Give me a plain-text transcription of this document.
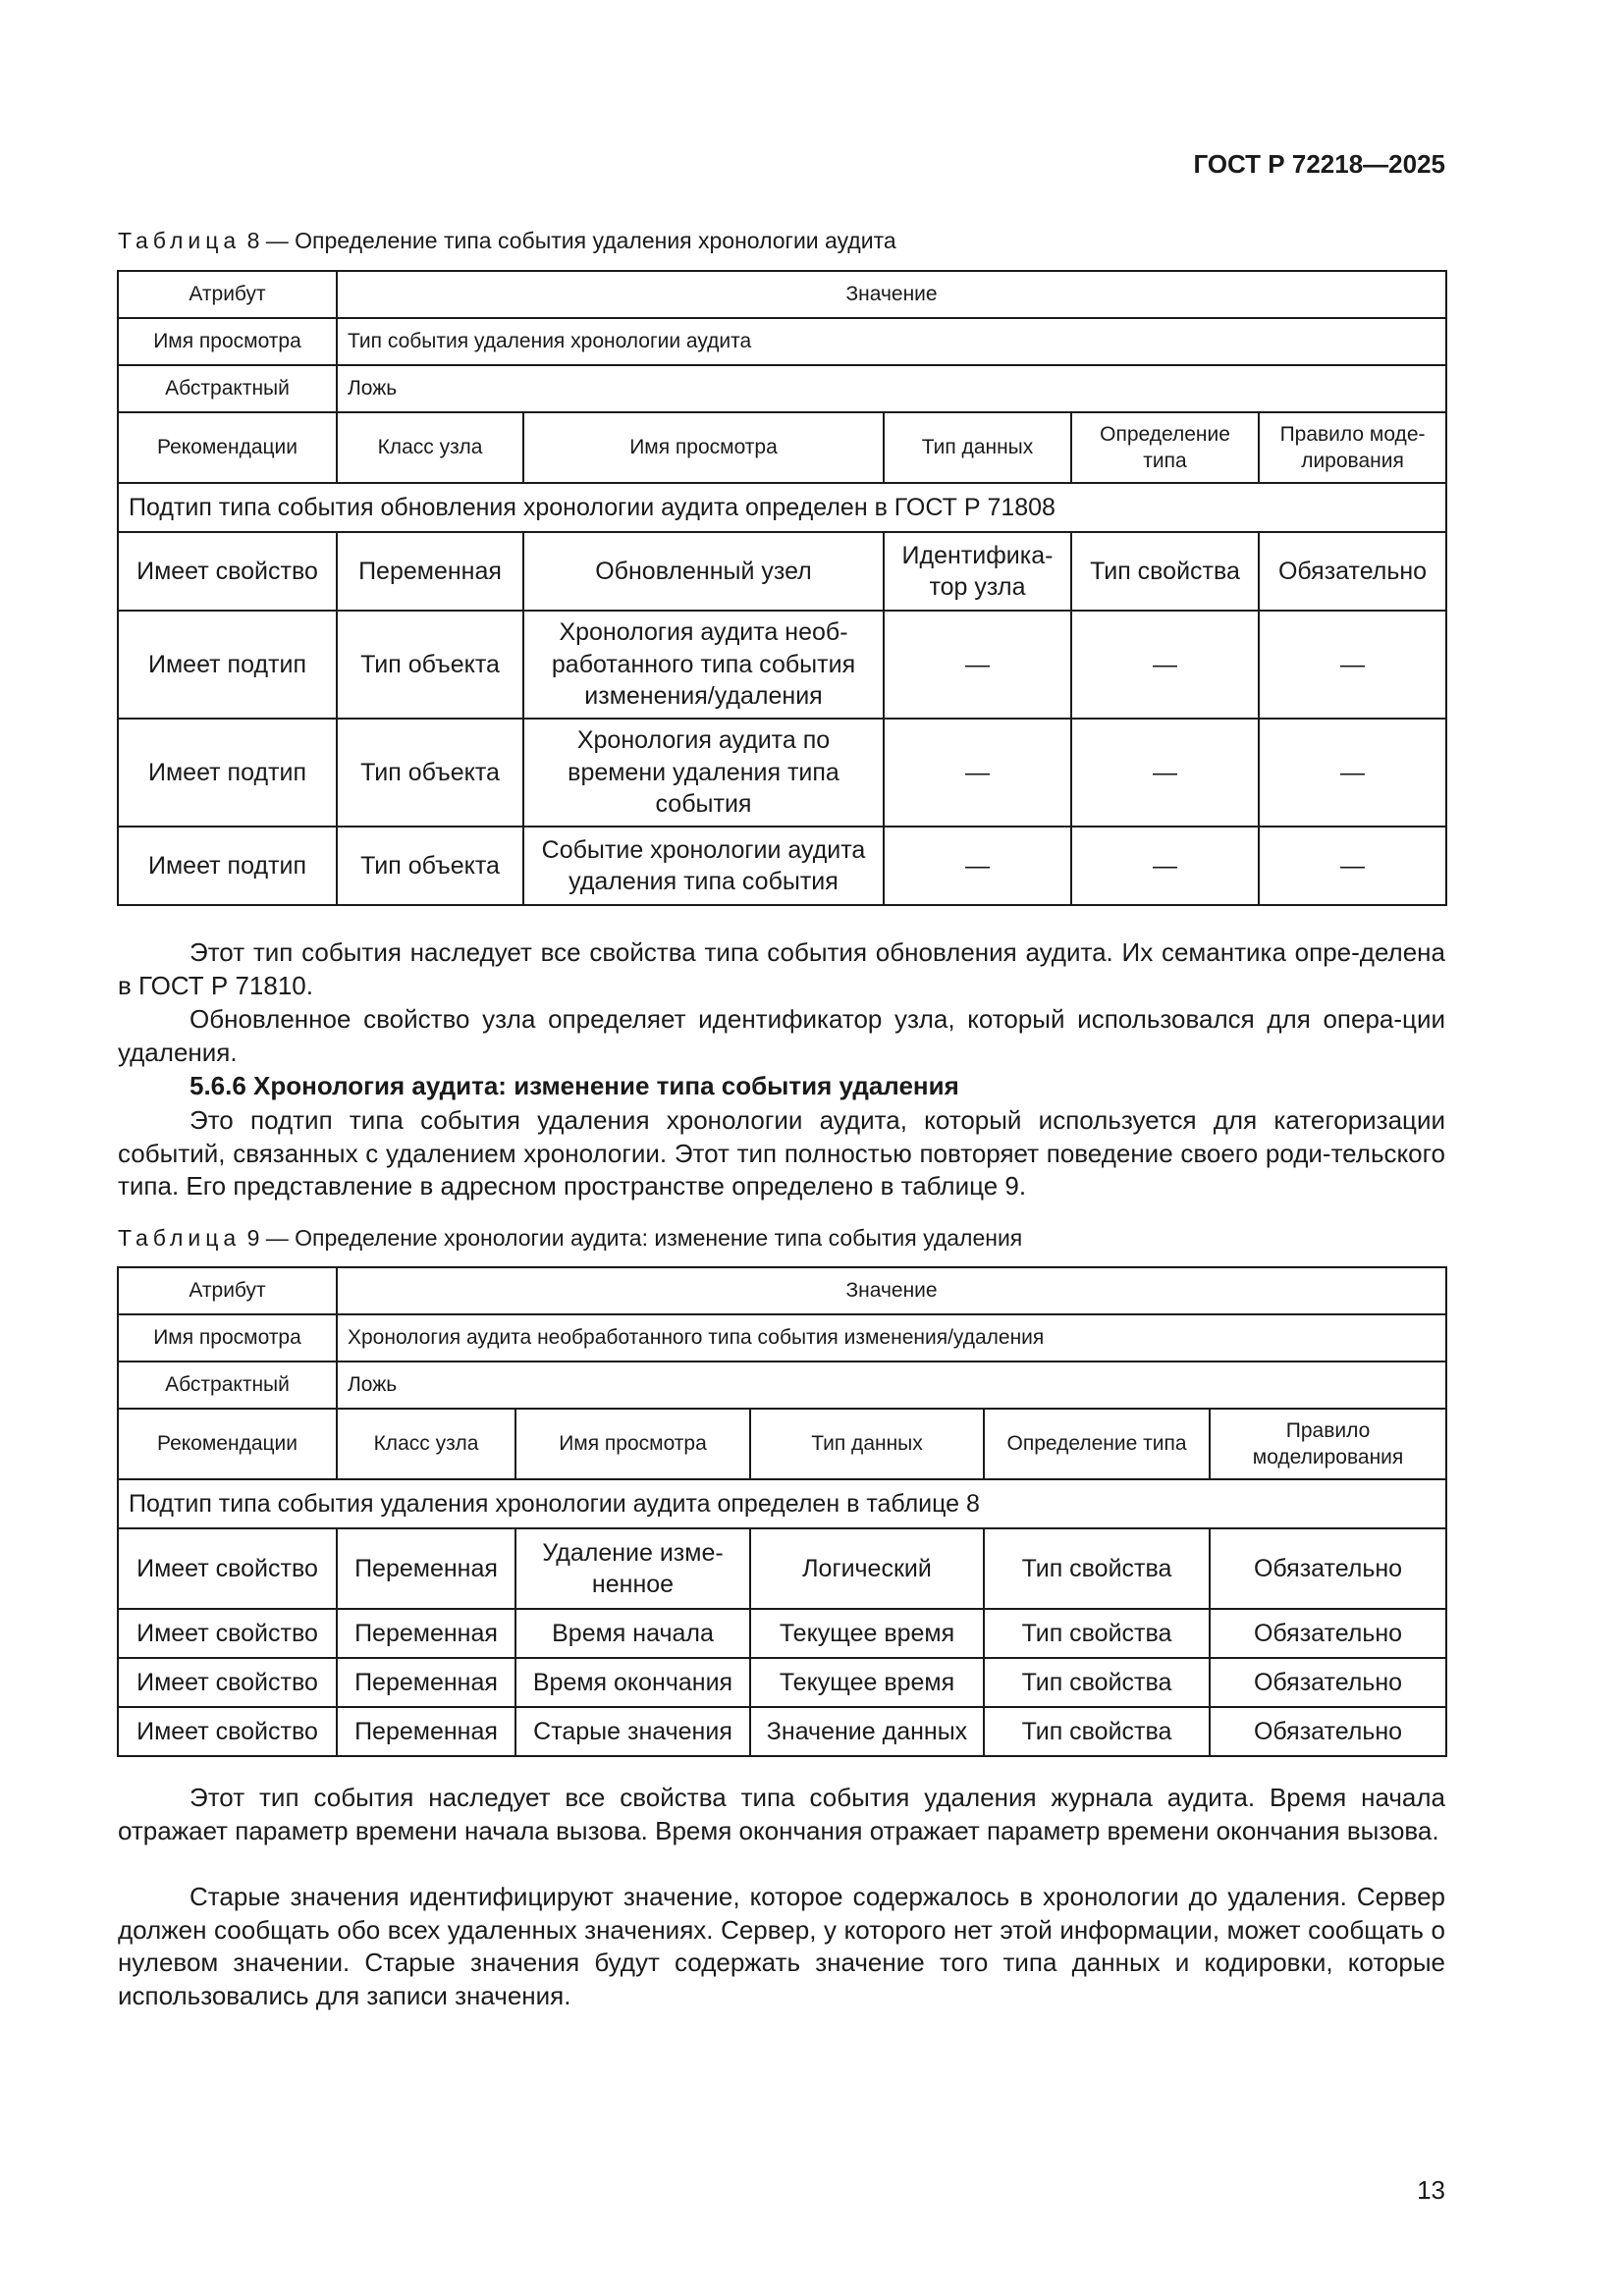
ГОСТ Р 72218—2025
Таблица 8 — Определение типа события удаления хронологии аудита
Атрибут	Значение				
Имя просмотра	Тип события удаления хронологии аудита				
Абстрактный	Ложь				
Рекомендации	Класс узла	Имя просмотра	Тип данных	Определение типа	Правило моде-лирования
Подтип типа события обновления хронологии аудита определен в ГОСТ Р 71808					
Имеет свойство	Переменная	Обновленный узел	Идентифика-тор узла	Тип свойства	Обязательно
Имеет подтип	Тип объекта	Хронология аудита необ-работанного типа события изменения/удаления	—	—	—
Имеет подтип	Тип объекта	Хронология аудита по времени удаления типа события	—	—	—
Имеет подтип	Тип объекта	Событие хронологии аудита удаления типа события	—	—	—

Этот тип события наследует все свойства типа события обновления аудита. Их семантика опре-делена в ГОСТ Р 71810.

Обновленное свойство узла определяет идентификатор узла, который использовался для опера-ции удаления.

5.6.6 Хронология аудита: изменение типа события удаления

Это подтип типа события удаления хронологии аудита, который используется для категоризации событий, связанных с удалением хронологии. Этот тип полностью повторяет поведение своего роди-тельского типа. Его представление в адресном пространстве определено в таблице 9.

Таблица 9 — Определение хронологии аудита: изменение типа события удаления
Атрибут	Значение				
Имя просмотра	Хронология аудита необработанного типа события изменения/удаления				
Абстрактный	Ложь				
Рекомендации	Класс узла	Имя просмотра	Тип данных	Определение типа	Правило моделирования
Подтип типа события удаления хронологии аудита определен в таблице 8					
Имеет свойство	Переменная	Удаление изме-ненное	Логический	Тип свойства	Обязательно
Имеет свойство	Переменная	Время начала	Текущее время	Тип свойства	Обязательно
Имеет свойство	Переменная	Время окончания	Текущее время	Тип свойства	Обязательно
Имеет свойство	Переменная	Старые значения	Значение данных	Тип свойства	Обязательно

Этот тип события наследует все свойства типа события удаления журнала аудита. Время начала отражает параметр времени начала вызова. Время окончания отражает параметр времени окончания вызова.

Старые значения идентифицируют значение, которое содержалось в хронологии до удаления. Сервер должен сообщать обо всех удаленных значениях. Сервер, у которого нет этой информации, может сообщать о нулевом значении. Старые значения будут содержать значение того типа данных и кодировки, которые использовались для записи значения.

13
